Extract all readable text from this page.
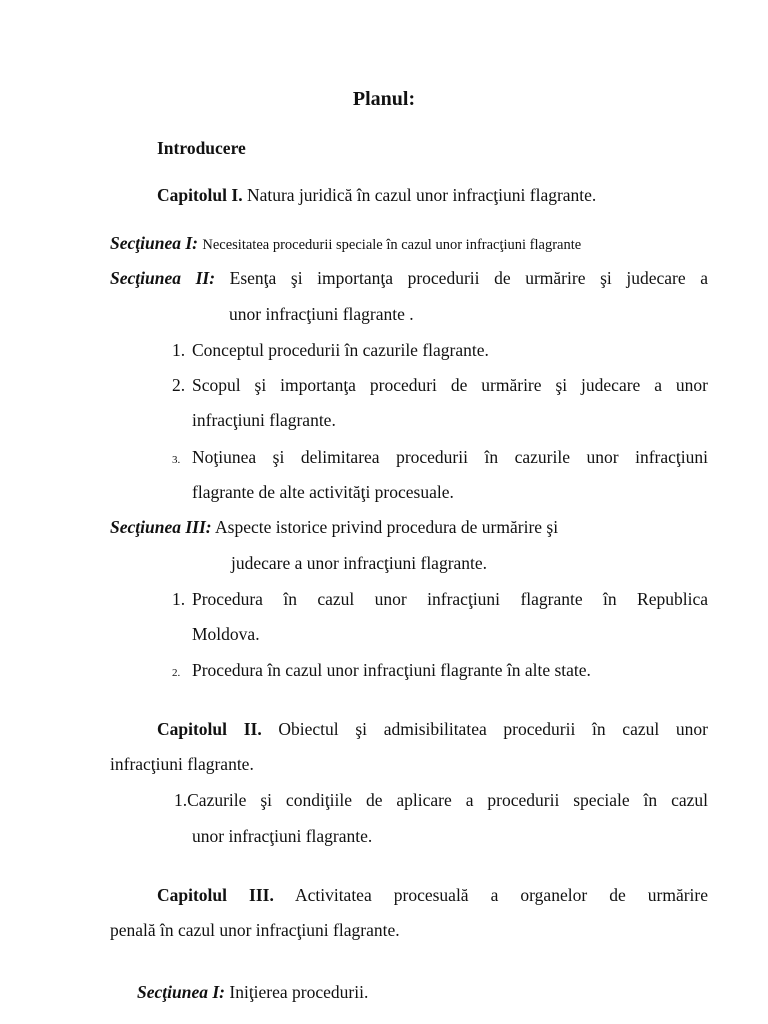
Planul:
Introducere
Capitolul I. Natura juridică în cazul unor infracţiuni flagrante.
Secţiunea I: Necesitatea procedurii speciale în cazul unor infracţiuni flagrante
Secţiunea II: Esenţa şi importanţa procedurii de urmărire şi judecare a
unor infracţiuni flagrante .
1. Conceptul procedurii în cazurile flagrante.
2. Scopul şi importanţa proceduri de urmărire şi judecare a unor
infracţiuni flagrante.
3. Noţiunea şi delimitarea procedurii în cazurile unor infracţiuni
flagrante de alte activităţi procesuale.
Secţiunea III: Aspecte istorice privind procedura de urmărire şi
judecare a unor infracţiuni flagrante.
1. Procedura în cazul unor infracţiuni flagrante în Republica
Moldova.
2. Procedura în cazul unor infracţiuni flagrante în alte state.
Capitolul II. Obiectul şi admisibilitatea procedurii în cazul unor
infracţiuni flagrante.
1.Cazurile şi condiţiile de aplicare a procedurii speciale în cazul
unor infracţiuni flagrante.
Capitolul III. Activitatea procesuală a organelor de urmărire
penală în cazul unor infracţiuni flagrante.
Secţiunea I: Iniţierea procedurii.
